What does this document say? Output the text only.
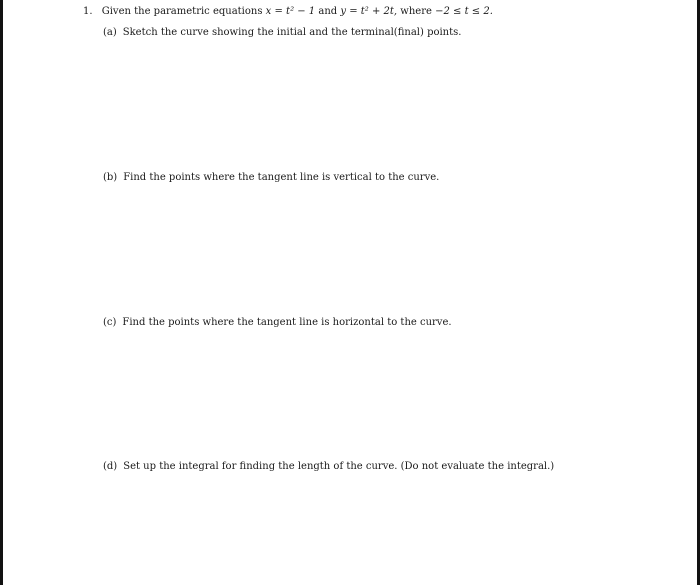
1. Given the parametric equations x = t² − 1 and y = t² + 2t, where −2 ≤ t ≤ 2.
(a) Sketch the curve showing the initial and the terminal(final) points.
(b) Find the points where the tangent line is vertical to the curve.
(c) Find the points where the tangent line is horizontal to the curve.
(d) Set up the integral for finding the length of the curve. (Do not evaluate the integral.)
